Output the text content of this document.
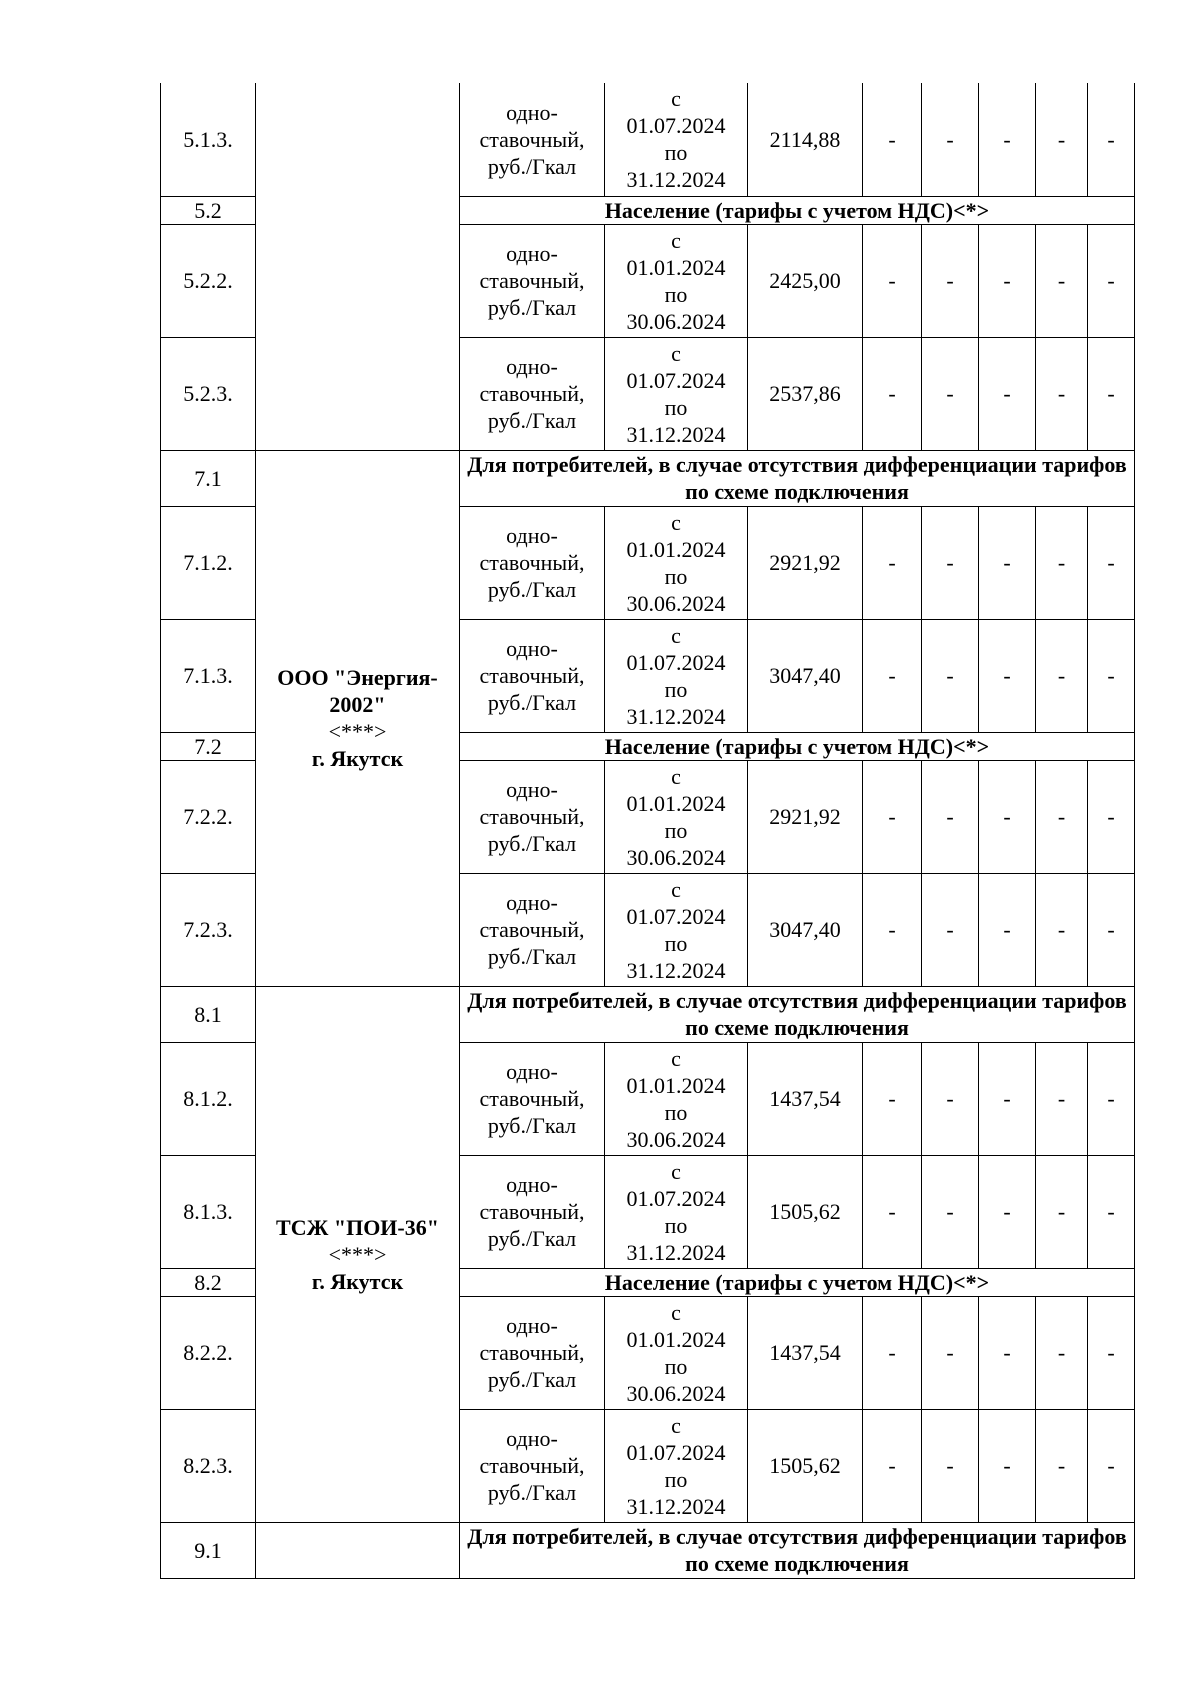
5.1.3.		одно-
ставочный,
руб./Гкал	с
01.07.2024
по
31.12.2024	2114,88	-	-	-	-	-
5.2		Население (тарифы с учетом НДС)<*>							
5.2.2.		одно-
ставочный,
руб./Гкал	с
01.01.2024
по
30.06.2024	2425,00	-	-	-	-	-
5.2.3.		одно-
ставочный,
руб./Гкал	с
01.07.2024
по
31.12.2024	2537,86	-	-	-	-	-
7.1	ООО "Энергия-
2002"
<***>
г. Якутск	Для потребителей, в случае отсутствия дифференциации тарифов по схеме подключения							
7.1.2.		одно-
ставочный,
руб./Гкал	с
01.01.2024
по
30.06.2024	2921,92	-	-	-	-	-
7.1.3.		одно-
ставочный,
руб./Гкал	с
01.07.2024
по
31.12.2024	3047,40	-	-	-	-	-
7.2		Население (тарифы с учетом НДС)<*>							
7.2.2.		одно-
ставочный,
руб./Гкал	с
01.01.2024
по
30.06.2024	2921,92	-	-	-	-	-
7.2.3.		одно-
ставочный,
руб./Гкал	с
01.07.2024
по
31.12.2024	3047,40	-	-	-	-	-
8.1	ТСЖ "ПОИ-36"
<***>
г. Якутск	Для потребителей, в случае отсутствия дифференциации тарифов по схеме подключения							
8.1.2.		одно-
ставочный,
руб./Гкал	с
01.01.2024
по
30.06.2024	1437,54	-	-	-	-	-
8.1.3.		одно-
ставочный,
руб./Гкал	с
01.07.2024
по
31.12.2024	1505,62	-	-	-	-	-
8.2		Население (тарифы с учетом НДС)<*>							
8.2.2.		одно-
ставочный,
руб./Гкал	с
01.01.2024
по
30.06.2024	1437,54	-	-	-	-	-
8.2.3.		одно-
ставочный,
руб./Гкал	с
01.07.2024
по
31.12.2024	1505,62	-	-	-	-	-
9.1		Для потребителей, в случае отсутствия дифференциации тарифов по схеме подключения							
